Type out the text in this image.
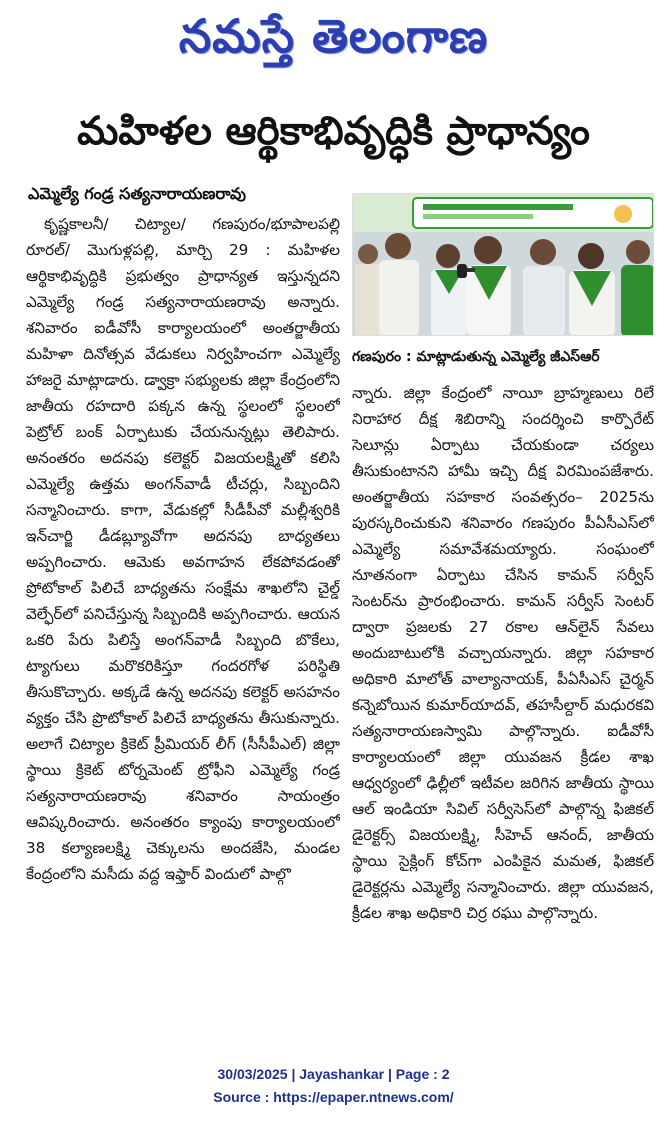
నమస్తే తెలంగాణ
మహిళల ఆర్థికాభివృద్ధికి ప్రాధాన్యం
ఎమ్మెల్యే గండ్ర సత్యనారాయణరావు

కృష్ణకాలనీ/ చిట్యాల/ గణపురం/భూపాలపల్లి రూరల్/ మొగుళ్లపల్లి, మార్చి 29 : మహిళల ఆర్థికాభివృద్ధికి ప్రభుత్వం ప్రాధాన్యత ఇస్తున్నదని ఎమ్మెల్యే గండ్ర సత్యనారాయణరావు అన్నారు. శనివారం ఐడీవోసీ కార్యాలయంలో అంతర్జాతీయ మహిళా దినోత్సవ వేడుకలు నిర్వహించగా ఎమ్మెల్యే హాజరై మాట్లాడారు. డ్వాక్రా సభ్యులకు జిల్లా కేంద్రంలోని జాతీయ రహదారి పక్కన ఉన్న స్థలంలో స్థలంలో పెట్రోల్ బంక్ ఏర్పాటుకు చేయనున్నట్లు తెలిపారు. అనంతరం అదనపు కలెక్టర్ విజయలక్ష్మితో కలిసి ఎమ్మెల్యే ఉత్తమ అంగన్‌వాడీ టీచర్లు, సిబ్బందిని సన్మానించారు. కాగా, వేడుకల్లో సీడీపీవో మల్లీశ్వరికి ఇన్‌చార్జి డీడబ్ల్యూవోగా అదనపు బాధ్యతలు అప్పగించారు. ఆమెకు అవగాహన లేకపోవడంతో ప్రోటోకాల్ పిలిచే బాధ్యతను సంక్షేమ శాఖలోని చైల్డ్ వెల్ఫేర్‌లో పనిచేస్తున్న సిబ్బందికి అప్పగించారు. ఆయన ఒకరి పేరు పిలిస్తే అంగన్‌వాడీ సిబ్బంది బొకేలు, ట్యాగులు మరొకరికిస్తూ గందరగోళ పరిస్థితి తీసుకొచ్చారు. అక్కడే ఉన్న అదనపు కలెక్టర్ అసహనం వ్యక్తం చేసి ప్రొటోకాల్ పిలిచే బాధ్యతను తీసుకున్నారు. అలాగే చిట్యాల క్రికెట్ ప్రీమియర్ లీగ్ (సీసీపీఎల్) జిల్లా స్థాయి క్రికెట్ టోర్నమెంట్ ట్రోఫీని ఎమ్మెల్యే గండ్ర సత్యనారాయణరావు శనివారం సాయంత్రం ఆవిష్కరించారు. అనంతరం క్యాంపు కార్యాలయంలో 38 కల్యాణలక్ష్మి చెక్కులను అందజేసి, మండల కేంద్రంలోని మసీదు వద్ద ఇఫ్తార్ విందులో పాల్గొ

గణపురం : మాట్లాడుతున్న ఎమ్మెల్యే జీఎస్ఆర్

న్నారు. జిల్లా కేంద్రంలో నాయీ బ్రాహ్మణులు రిలే నిరాహార దీక్ష శిబిరాన్ని సందర్శించి కార్పొరేట్ సెలూన్లు ఏర్పాటు చేయకుండా చర్యలు తీసుకుంటానని హామీ ఇచ్చి దీక్ష విరమింపజేశారు. అంతర్జాతీయ సహకార సంవత్సరం– 2025ను పురస్కరించుకుని శనివారం గణపురం పీఏసీఎస్‌లో ఎమ్మెల్యే సమావేశమయ్యారు. సంఘంలో నూతనంగా ఏర్పాటు చేసిన కామన్ సర్వీస్ సెంటర్‌ను ప్రారంభించారు. కామన్ సర్వీస్ సెంటర్ ద్వారా ప్రజలకు 27 రకాల ఆన్‌లైన్ సేవలు అందుబాటులోకి వచ్చాయన్నారు. జిల్లా సహకార అధికారి మాలోత్ వాల్యానాయక్, పీఏసీఎస్ చైర్మన్ కన్నెబోయిన కుమార్‌యాదవ్, తహసీల్దార్ మధురకవి సత్యనారాయణస్వామి పాల్గొన్నారు. ఐడీవోసీ కార్యాలయంలో జిల్లా యువజన క్రీడల శాఖ ఆధ్వర్యంలో ఢిల్లీలో ఇటీవల జరిగిన జాతీయ స్థాయి ఆల్ ఇండియా సివిల్ సర్వీసెస్‌లో పాల్గొన్న ఫిజికల్ డైరెక్టర్స్ విజయలక్ష్మి, సీహెచ్ ఆనంద్, జాతీయ స్థాయి సైక్లింగ్ కోచ్‌గా ఎంపికైన మమత, ఫిజికల్ డైరెక్టర్లను ఎమ్మెల్యే సన్మానించారు. జిల్లా యువజన, క్రీడల శాఖ అధికారి చిర్ర రఘు పాల్గొన్నారు.

30/03/2025 | Jayashankar | Page : 2
Source : https://epaper.ntnews.com/
